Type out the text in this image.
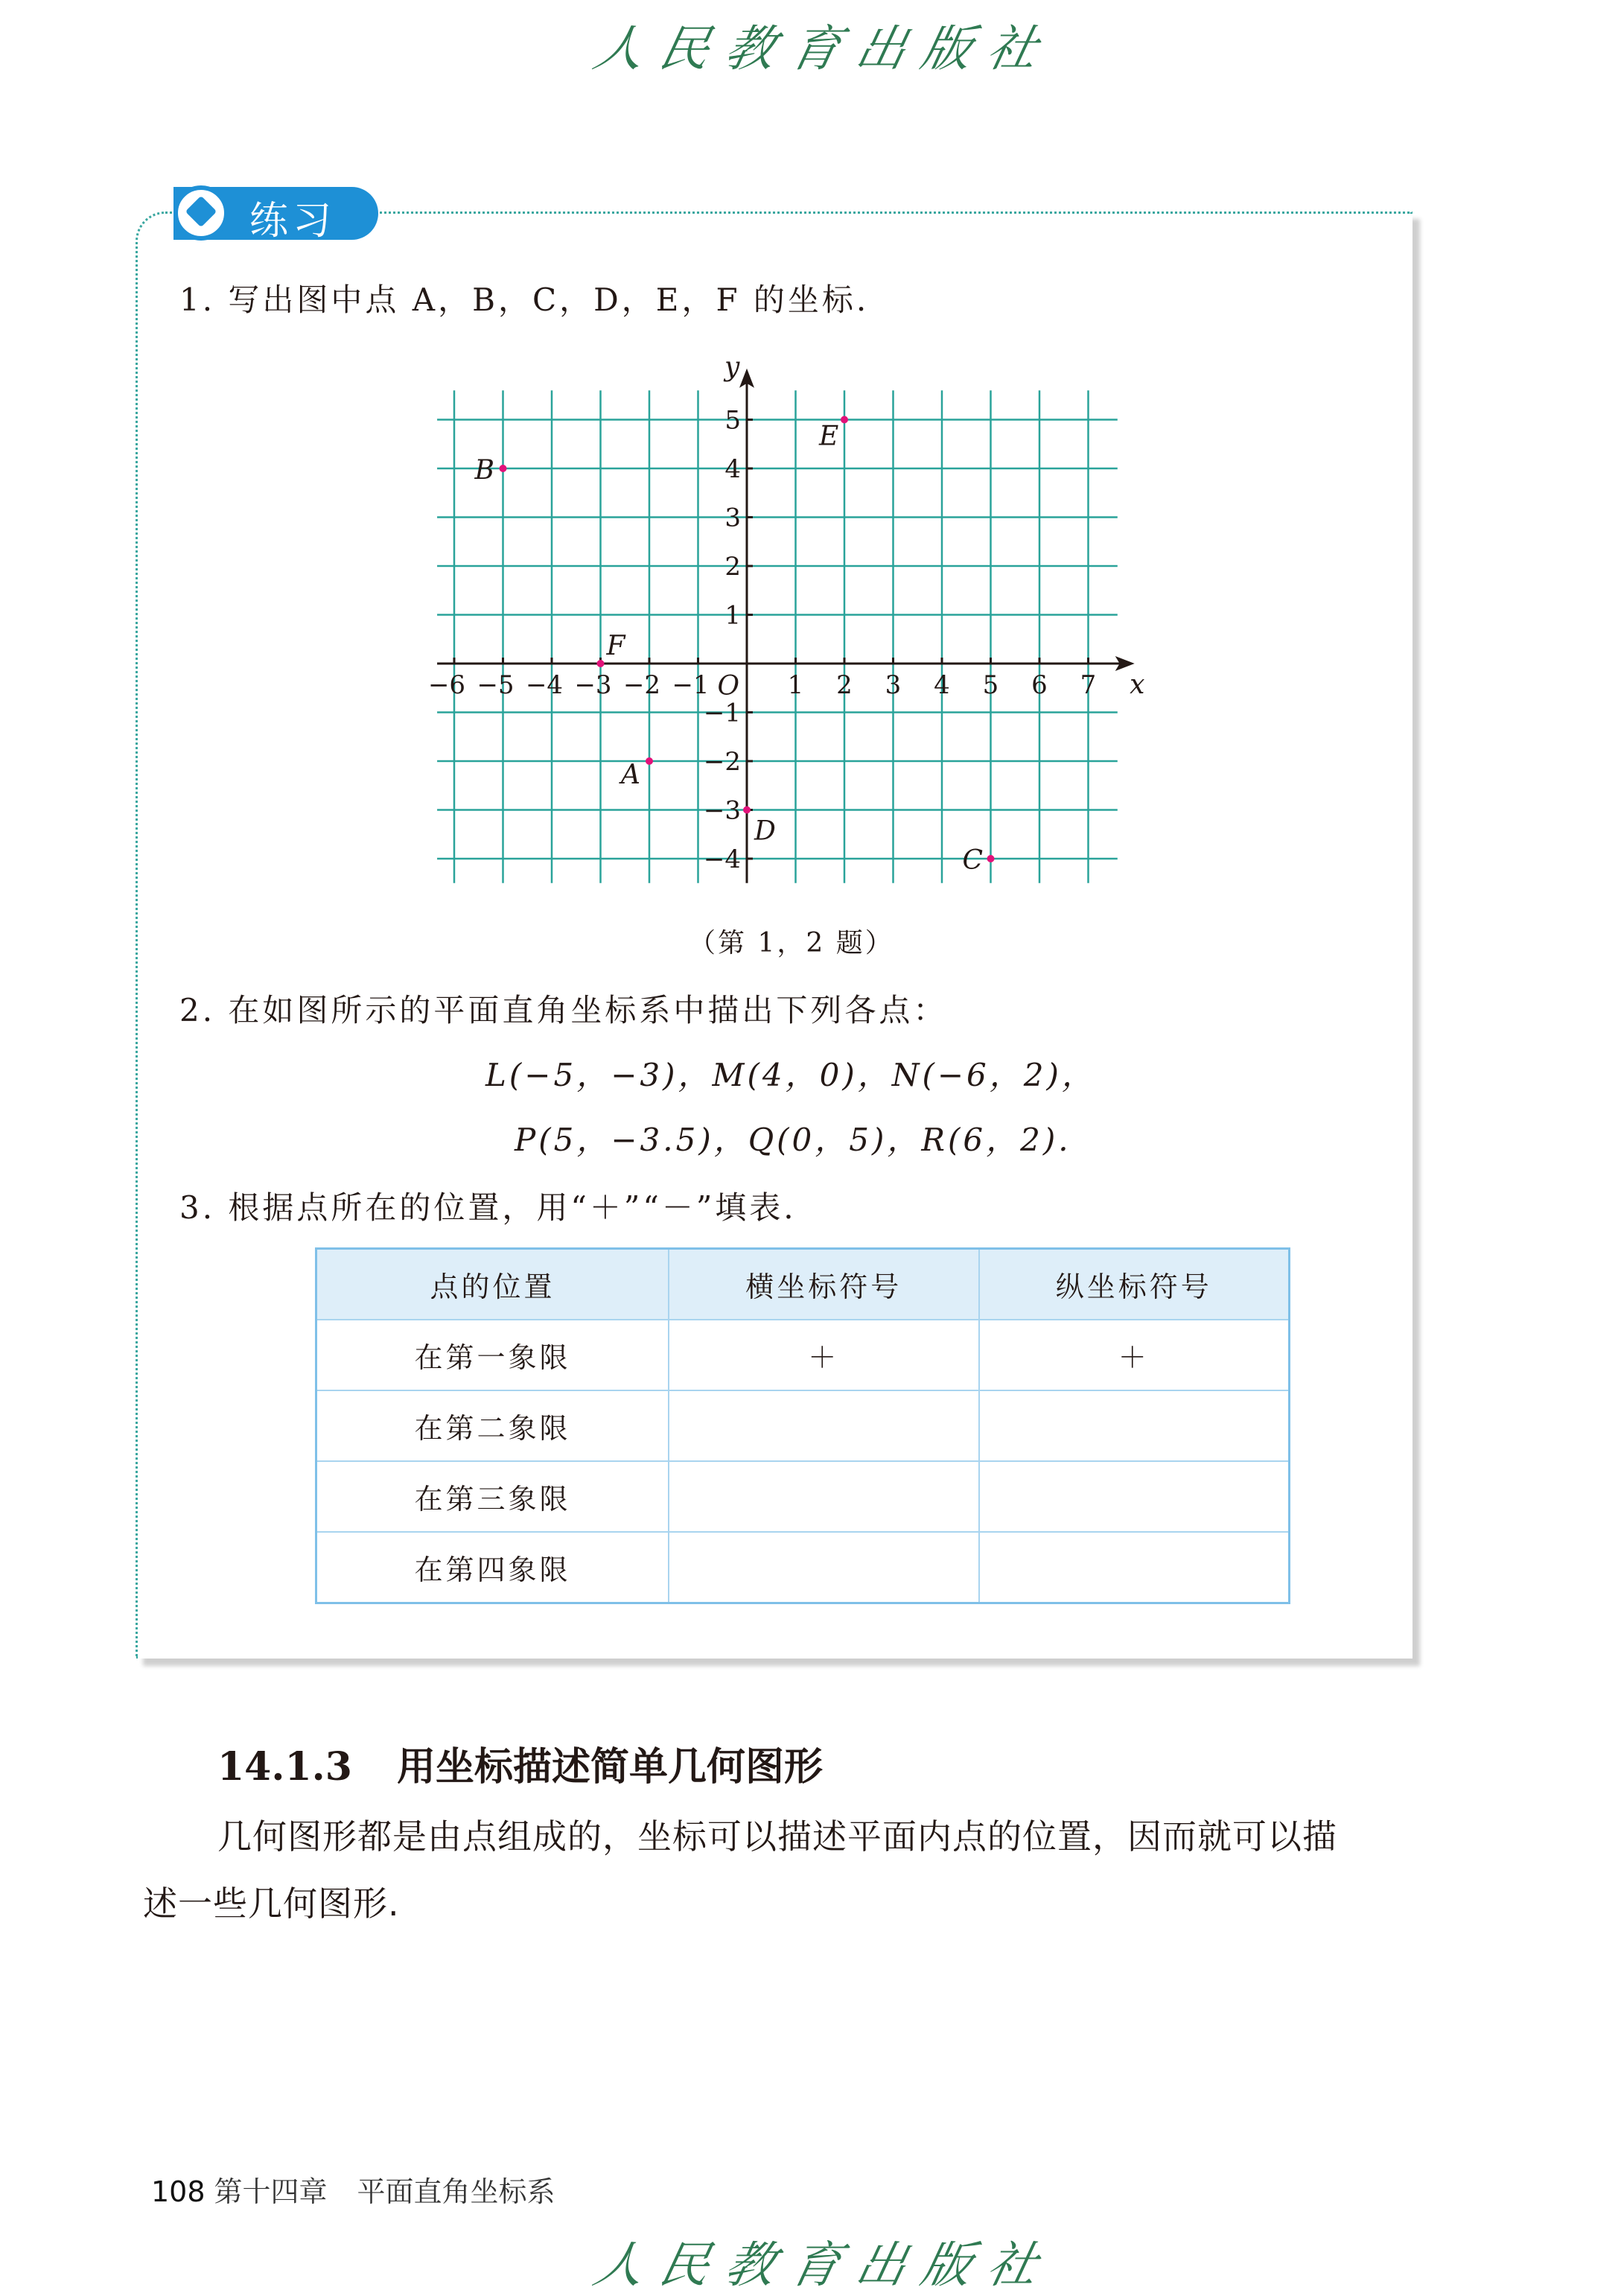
人民教育出版社
练习
1. 写出图中点 A，B，C，D，E，F 的坐标.
−6 −5 −4 −3 −2 −1	1 2 3 4 5 6 7
−4
−3
−2
−1
1
2
3
4
5
O	x
y
A
B
C
D
E
F
（第 1，2 题）
2. 在如图所示的平面直角坐标系中描出下列各点：
L(−5，−3)，M(4，0)，N(−6，2)，
P(5，−3.5)，Q(0，5)，R(6，2).
3. 根据点所在的位置，用“＋”“－”填表.
点的位置	横坐标符号	纵坐标符号
在第一象限	＋	＋
在第二象限		
在第三象限		
在第四象限		
14.1.3 用坐标描述简单几何图形
几何图形都是由点组成的，坐标可以描述平面内点的位置，因而就可以描
述一些几何图形.
108 第十四章 平面直角坐标系
人民教育出版社
